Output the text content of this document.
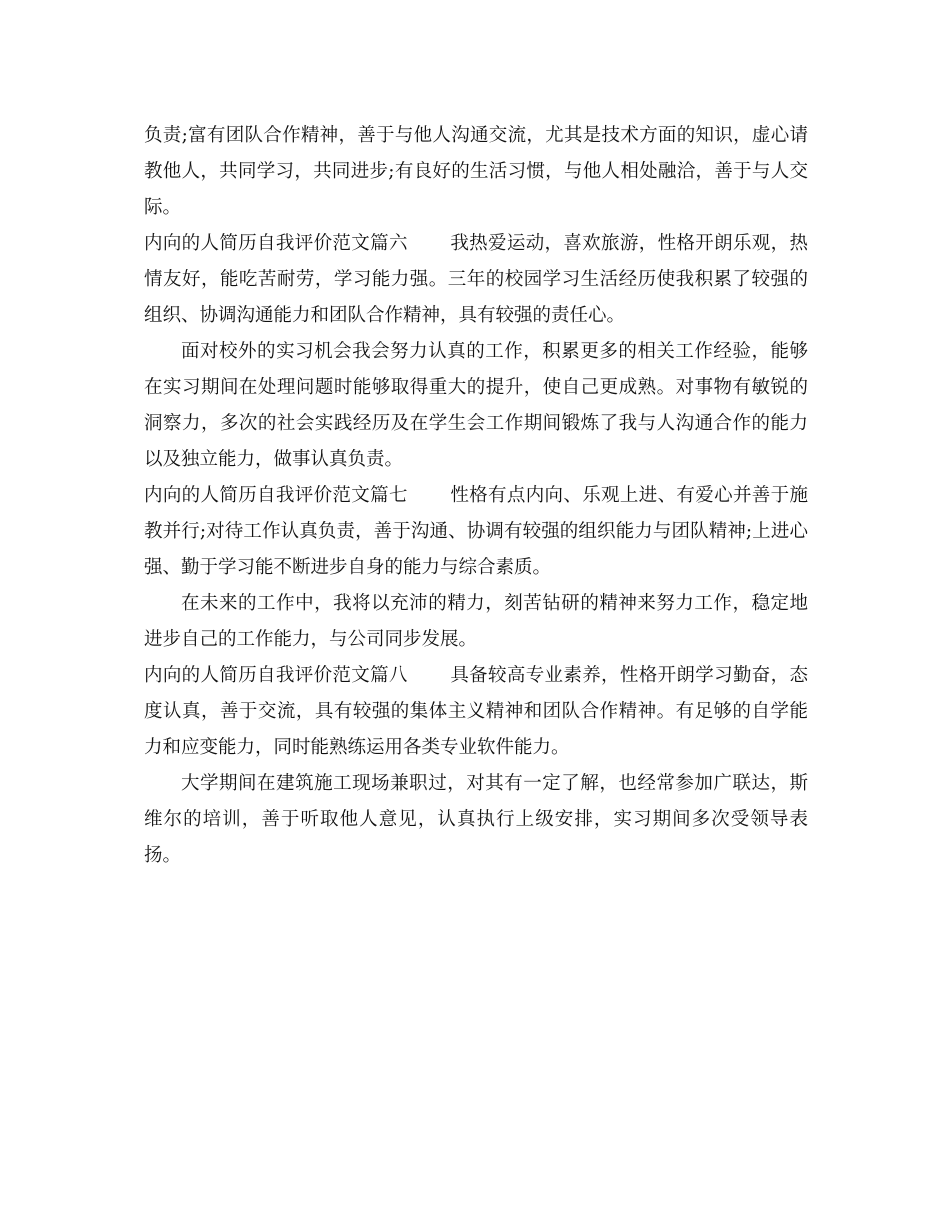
负责;富有团队合作精神，善于与他人沟通交流，尤其是技术方面的知识，虚心请教他人，共同学习，共同进步;有良好的生活习惯，与他人相处融洽，善于与人交际。

内向的人简历自我评价范文篇六 我热爱运动，喜欢旅游，性格开朗乐观，热情友好，能吃苦耐劳，学习能力强。三年的校园学习生活经历使我积累了较强的组织、协调沟通能力和团队合作精神，具有较强的责任心。

面对校外的实习机会我会努力认真的工作，积累更多的相关工作经验，能够在实习期间在处理问题时能够取得重大的提升，使自己更成熟。对事物有敏锐的洞察力，多次的社会实践经历及在学生会工作期间锻炼了我与人沟通合作的能力以及独立能力，做事认真负责。

内向的人简历自我评价范文篇七 性格有点内向、乐观上进、有爱心并善于施教并行;对待工作认真负责，善于沟通、协调有较强的组织能力与团队精神;上进心强、勤于学习能不断进步自身的能力与综合素质。

在未来的工作中，我将以充沛的精力，刻苦钻研的精神来努力工作，稳定地进步自己的工作能力，与公司同步发展。

内向的人简历自我评价范文篇八 具备较高专业素养，性格开朗学习勤奋，态度认真，善于交流，具有较强的集体主义精神和团队合作精神。有足够的自学能力和应变能力，同时能熟练运用各类专业软件能力。

大学期间在建筑施工现场兼职过，对其有一定了解，也经常参加广联达，斯维尔的培训，善于听取他人意见，认真执行上级安排，实习期间多次受领导表扬。
